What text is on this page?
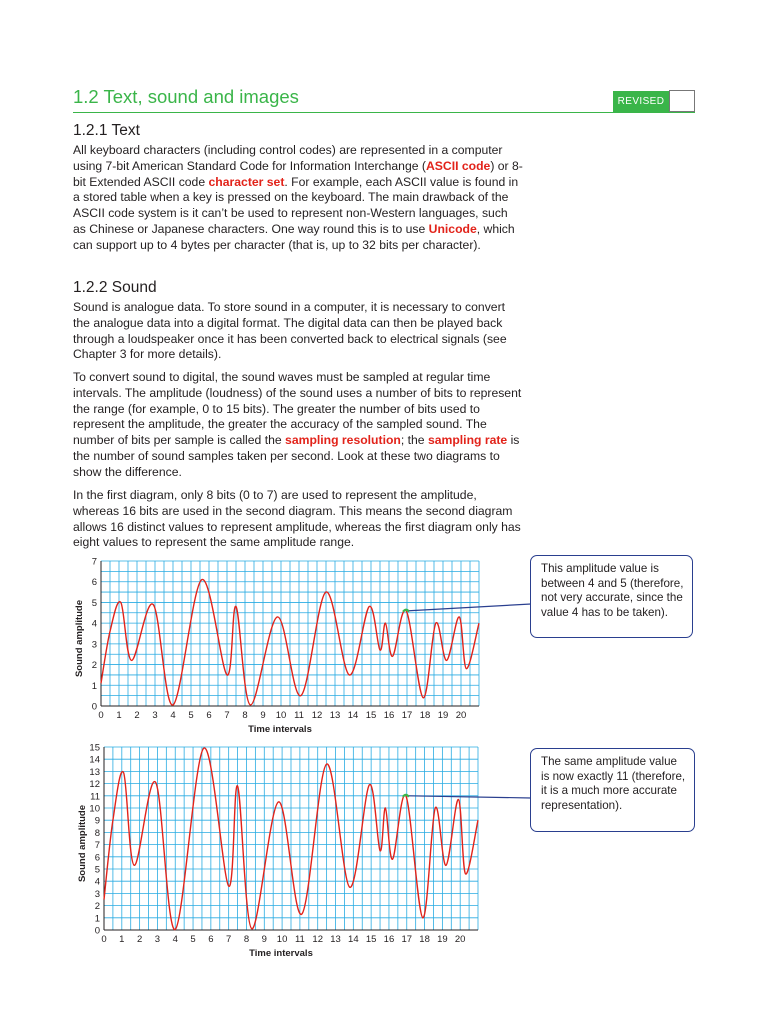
1.2 Text, sound and images	REVISED
1.2.1 Text

All keyboard characters (including control codes) are represented in a computer using 7-bit American Standard Code for Information Interchange (ASCII code) or 8-bit Extended ASCII code character set. For example, each ASCII value is found in a stored table when a key is pressed on the keyboard. The main drawback of the ASCII code system is it can’t be used to represent non-Western languages, such as Chinese or Japanese characters. One way round this is to use Unicode, which can support up to 4 bytes per character (that is, up to 32 bits per character).

1.2.2 Sound

Sound is analogue data. To store sound in a computer, it is necessary to convert the analogue data into a digital format. The digital data can then be played back through a loudspeaker once it has been converted back to electrical signals (see Chapter 3 for more details).

To convert sound to digital, the sound waves must be sampled at regular time intervals. The amplitude (loudness) of the sound uses a number of bits to represent the range (for example, 0 to 15 bits). The greater the number of bits used to represent the amplitude, the greater the accuracy of the sampled sound. The number of bits per sample is called the sampling resolution; the sampling rate is the number of sound samples taken per second. Look at these two diagrams to show the difference.

In the first diagram, only 8 bits (0 to 7) are used to represent the amplitude, whereas 16 bits are used in the second diagram. This means the second diagram allows 16 distinct values to represent amplitude, whereas the first diagram only has eight values to represent the same amplitude range.

0 1 2 3 4 5 6 7 8 9 10 11 12 13 14 15 16 17 18 19 20
0
1
2
3
4
5
6
7
Time intervals
Sound amplitude
0 1 2 3 4 5 6 7 8 9 10 11 12 13 14 15 16 17 18 19 20
0
1
2
3
4
5
6
7
8
9
10
11
12
13
14
15
Time intervals
Sound amplitude
This amplitude value is between 4 and 5 (therefore, not very accurate, since the value 4 has to be taken).
The same amplitude value is now exactly 11 (therefore, it is a much more accurate representation).
